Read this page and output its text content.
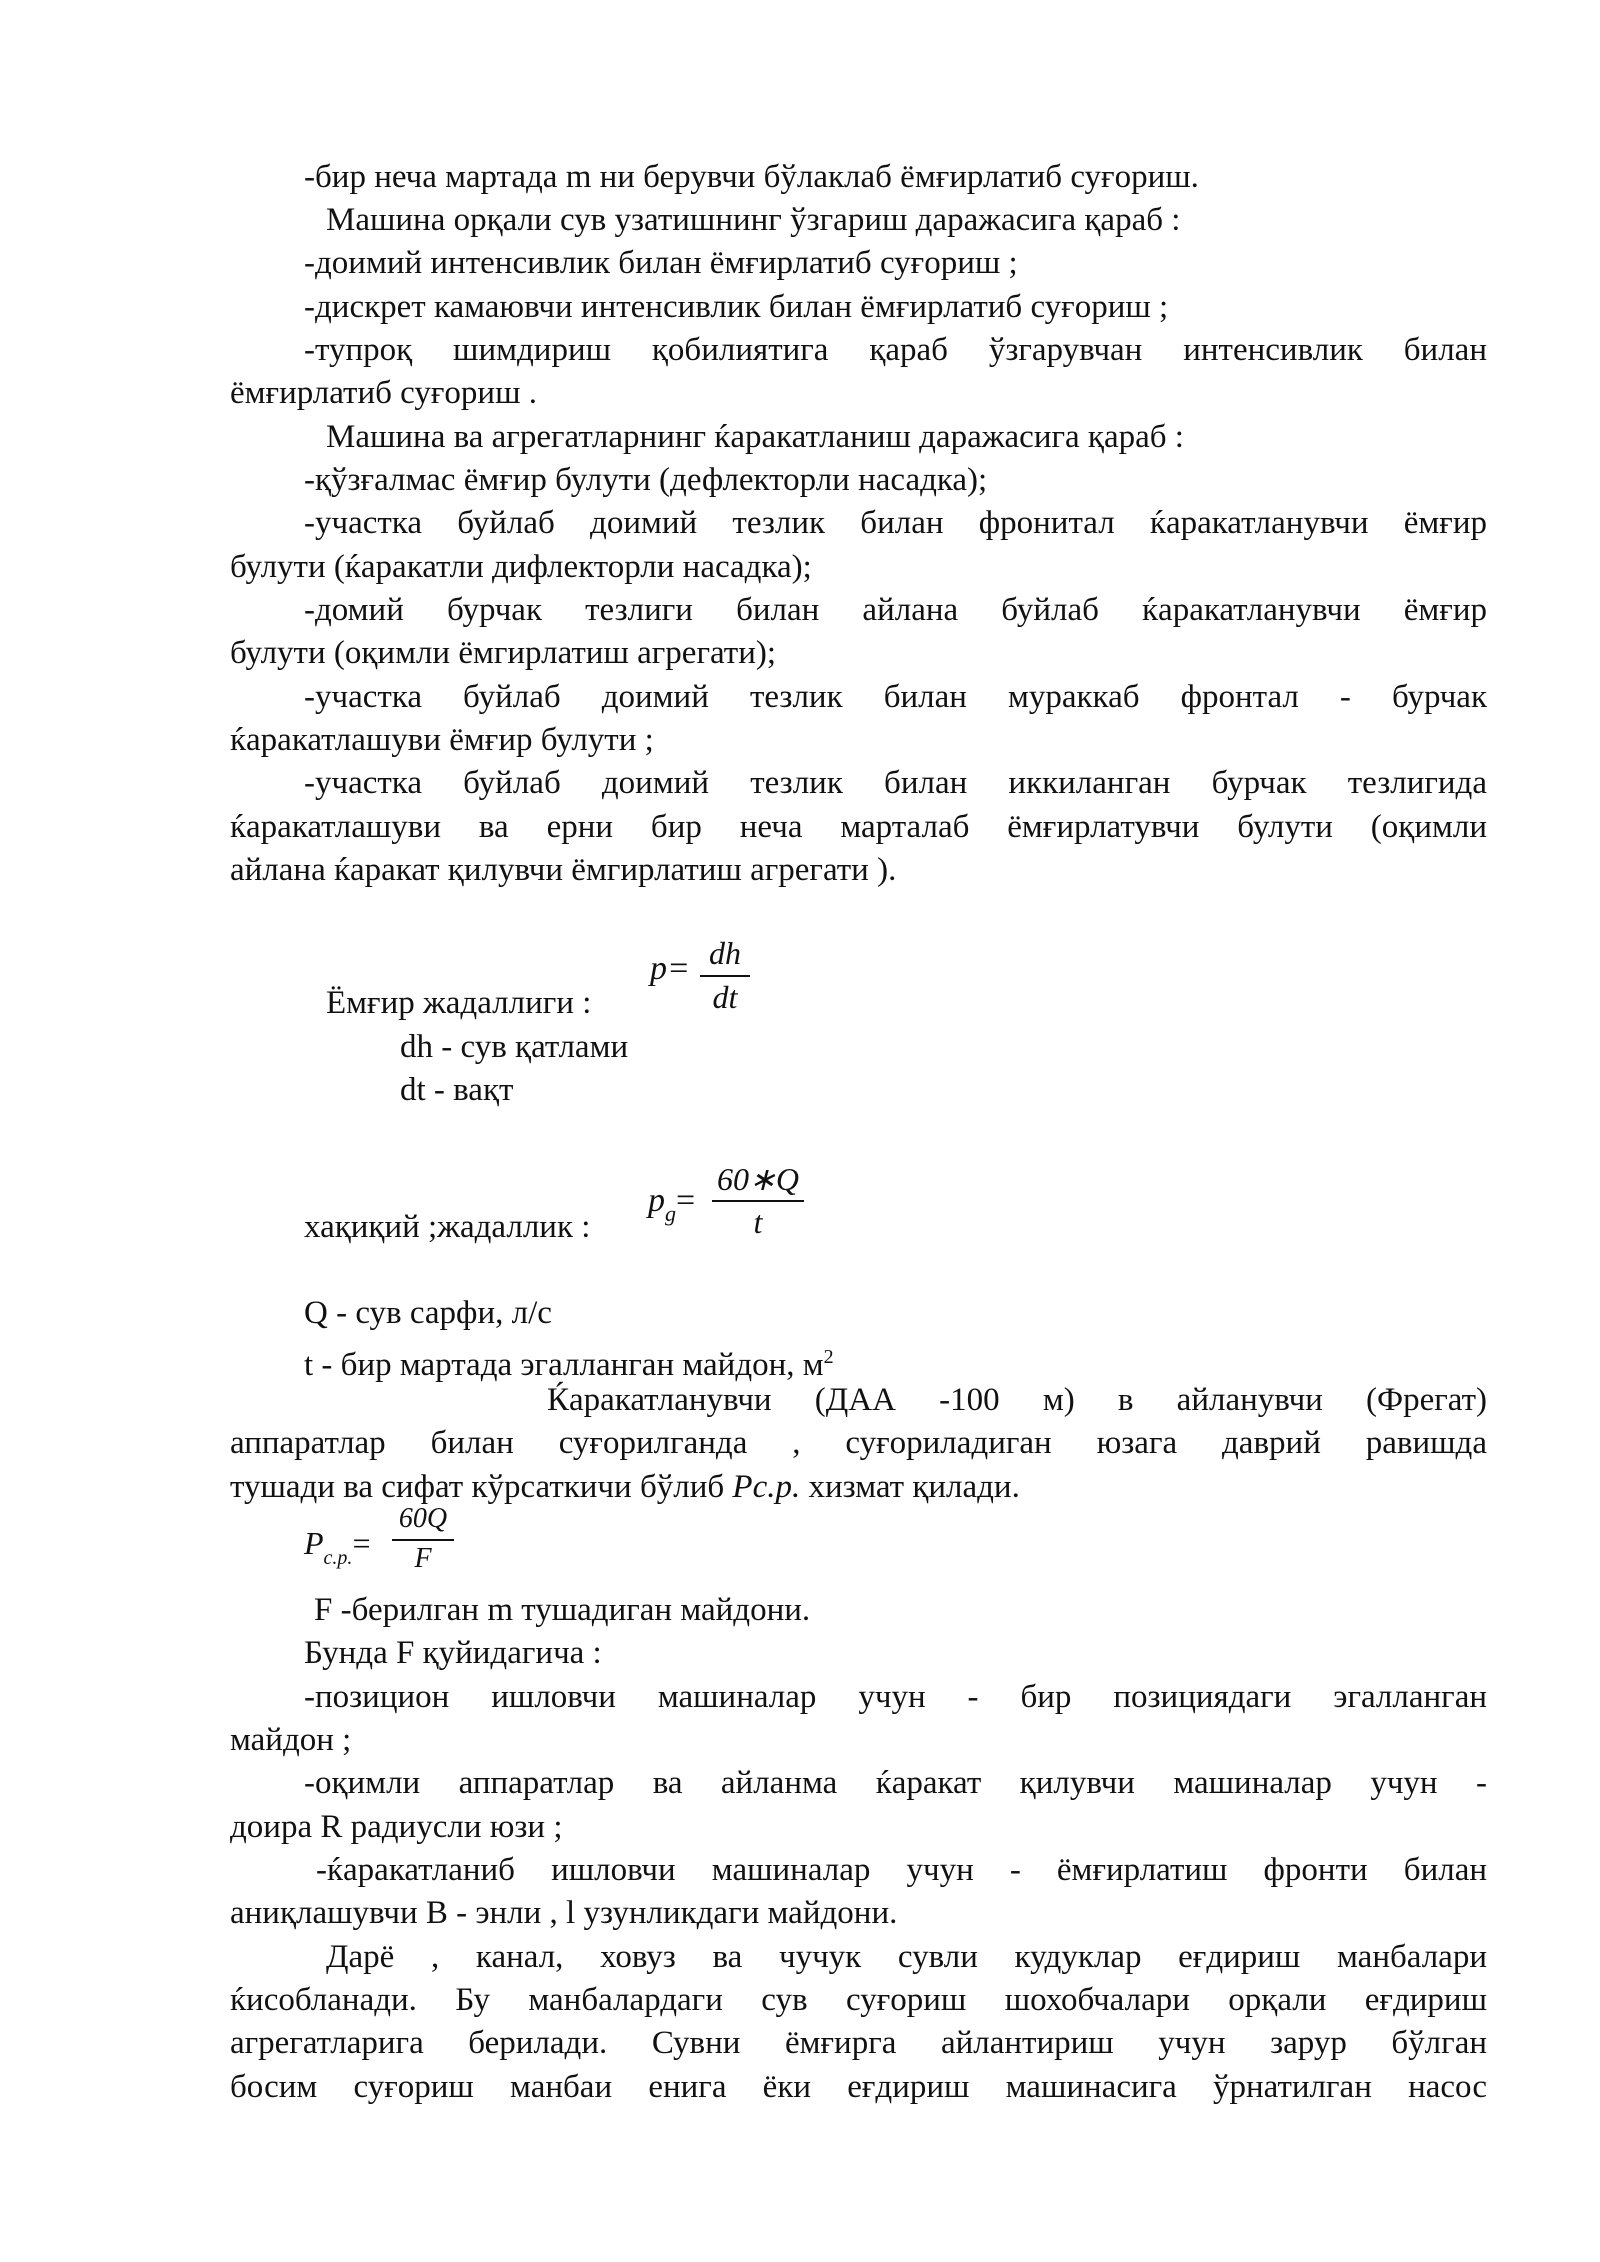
-бир неча мартада m ни берувчи бўлаклаб ёмғирлатиб суғориш.
Машина орқали сув узатишнинг ўзгариш даражасига қараб :
-доимий интенсивлик билан ёмғирлатиб суғориш ;
-дискрет камаювчи интенсивлик билан ёмғирлатиб суғориш ;
-тупроқ шимдириш қобилиятига қараб ўзгарувчан интенсивлик билан
ёмғирлатиб суғориш .
Машина ва агрегатларнинг ќаракатланиш даражасига қараб :
-қўзғалмас ёмғир булути (дефлекторли насадка);
-участка буйлаб доимий тезлик билан фронитал ќаракатланувчи ёмғир
булути (ќаракатли дифлекторли насадка);
-домий бурчак тезлиги билан айлана буйлаб ќаракатланувчи ёмғир
булути (оқимли ёмгирлатиш агрегати);
-участка буйлаб доимий тезлик билан мураккаб фронтал - бурчак
ќаракатлашуви ёмғир булути ;
-участка буйлаб доимий тезлик билан иккиланган бурчак тезлигида
ќаракатлашуви ва ерни бир неча марталаб ёмғирлатувчи булути (оқимли
айлана ќаракат қилувчи ёмгирлатиш агрегати ).
Ёмғир жадаллиги :
p= dh
dt
dh - сув қатлами
dt - вақт
хақиқий ;жадаллик :
$p_g=$
60∗Q
t
Q - сув сарфи, л/с
t - бир мартада эгалланган майдон, $м^2$
Ќаракатланувчи (ДАА -100 м) в айланувчи (Фрегат)
аппаратлар билан суғорилганда , суғориладиган юзага даврий равишда
тушади ва сифат кўрсаткичи бўлиб Pc.p. хизмат қилади.
$P_{c.p.}=$
60Q
F
F -берилган m тушадиган майдони.
Бунда F қуйидагича :
-позицион ишловчи машиналар учун - бир позициядаги эгалланган
майдон ;
-оқимли аппаратлар ва айланма ќаракат қилувчи машиналар учун -
доира R радиусли юзи ;
-ќаракатланиб ишловчи машиналар учун - ёмғирлатиш фронти билан
аниқлашувчи B - энли , l узунликдаги майдони.
Дарё , канал, ховуз ва чучук сувли кудуклар еғдириш манбалари
ќисобланади. Бу манбалардаги сув суғориш шохобчалари орқали еғдириш
агрегатларига берилади. Сувни ёмғирга айлантириш учун зарур бўлган
босим суғориш манбаи енига ёки еғдириш машинасига ўрнатилган насос
